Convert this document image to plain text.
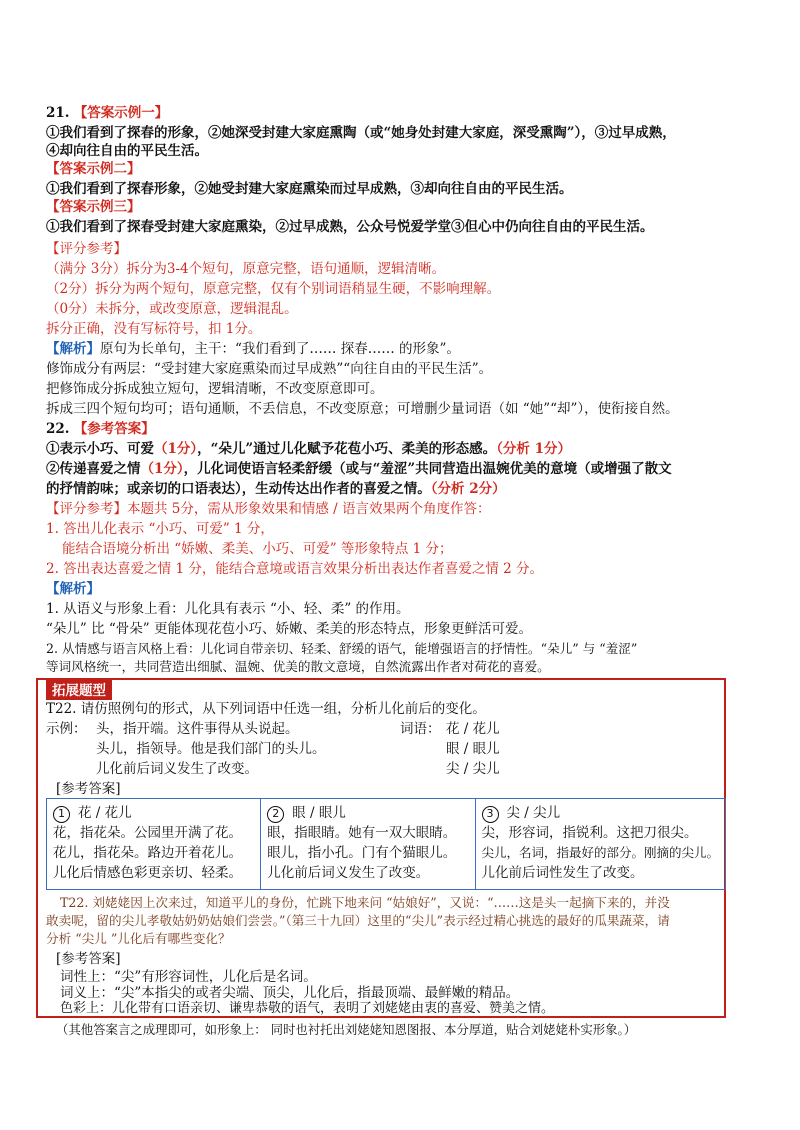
21. 【答案示例一】
①我们看到了探春的形象，②她深受封建大家庭熏陶（或“她身处封建大家庭，深受熏陶”），③过早成熟，
④却向往自由的平民生活。
【答案示例二】
①我们看到了探春形象，②她受封建大家庭熏染而过早成熟，③却向往自由的平民生活。
【答案示例三】
①我们看到了探春受封建大家庭熏染，②过早成熟，公众号悦爱学堂③但心中仍向往自由的平民生活。
【评分参考】
（满分 3分）拆分为3-4个短句，原意完整，语句通顺，逻辑清晰。
（2分）拆分为两个短句，原意完整，仅有个别词语稍显生硬，不影响理解。
（0分）未拆分，或改变原意，逻辑混乱。
拆分正确，没有写标符号，扣 1分。
【解析】原句为长单句，主干：“我们看到了…… 探春…… 的形象”。
修饰成分有两层：“受封建大家庭熏染而过早成熟”“向往自由的平民生活”。
把修饰成分拆成独立短句，逻辑清晰，不改变原意即可。
拆成三四个短句均可；语句通顺，不丢信息，不改变原意；可增删少量词语（如 “她”“却”），使衔接自然。
22. 【参考答案】
①表示小巧、可爱（1分），“朵儿”通过儿化赋予花苞小巧、柔美的形态感。（分析 1分）
②传递喜爱之情（1分），儿化词使语言轻柔舒缓（或与“羞涩”共同营造出温婉优美的意境（或增强了散文
的抒情韵味；或亲切的口语表达），生动传达出作者的喜爱之情。（分析 2分）
【评分参考】本题共 5分，需从形象效果和情感 / 语言效果两个角度作答：
1. 答出儿化表示 “小巧、可爱” 1 分，
能结合语境分析出 “娇嫩、柔美、小巧、可爱” 等形象特点 1 分；
2. 答出表达喜爱之情 1 分，能结合意境或语言效果分析出表达作者喜爱之情 2 分。
【解析】
1. 从语义与形象上看：儿化具有表示 “小、轻、柔” 的作用。
“朵儿” 比 “骨朵” 更能体现花苞小巧、娇嫩、柔美的形态特点，形象更鲜活可爱。
2. 从情感与语言风格上看：儿化词自带亲切、轻柔、舒缓的语气，能增强语言的抒情性。“朵儿” 与 “羞涩”
等词风格统一，共同营造出细腻、温婉、优美的散文意境，自然流露出作者对荷花的喜爱。
拓展题型
T22. 请仿照例句的形式，从下列词语中任选一组，分析儿化前后的变化。
示例： 头，指开端。这件事得从头说起。
头儿，指领导。他是我们部门的头儿。
儿化前后词义发生了改变。
词语： 花 / 花儿
眼 / 眼儿
尖 / 尖儿
[参考答案]
1 花 / 花儿
花，指花朵。公园里开满了花。
花儿，指花朵。路边开着花儿。
儿化后情感色彩更亲切、轻柔。
2 眼 / 眼儿
眼，指眼睛。她有一双大眼睛。
眼儿，指小孔。门有个猫眼儿。
儿化前后词义发生了改变。
3 尖 / 尖儿
尖，形容词，指锐利。这把刀很尖。
尖儿，名词，指最好的部分。刚摘的尖儿。
儿化前后词性发生了改变。
T22. 刘姥姥因上次来过，知道平儿的身份，忙跳下地来问 “姑娘好”，又说：“……这是头一起摘下来的，并没
敢卖呢，留的尖儿孝敬姑奶奶姑娘们尝尝。”（第三十九回）这里的“尖儿”表示经过精心挑选的最好的瓜果蔬菜，请
分析 “尖儿 ”儿化后有哪些变化？
[参考答案]
词性上：“尖”有形容词性，儿化后是名词。
词义上：“尖”本指尖的或者尖端、顶尖，儿化后，指最顶端、最鲜嫩的精品。
色彩上：儿化带有口语亲切、谦卑恭敬的语气，表明了刘姥姥由衷的喜爱、赞美之情。
（其他答案言之成理即可，如形象上： 同时也衬托出刘姥姥知恩图报、本分厚道，贴合刘姥姥朴实形象。）
